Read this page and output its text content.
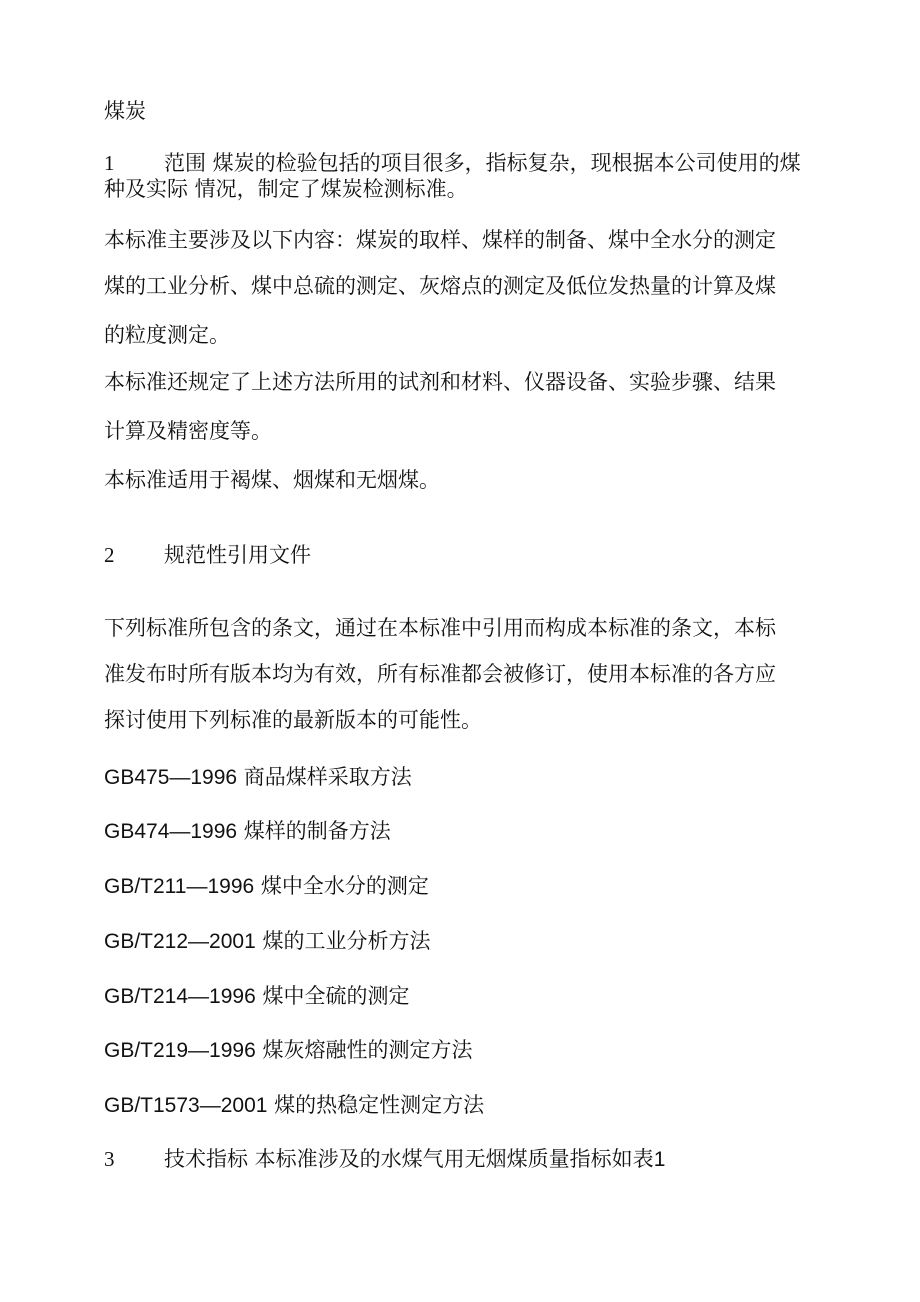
煤炭
1 范围 煤炭的检验包括的项目很多，指标复杂，现根据本公司使用的煤
种及实际 情况，制定了煤炭检测标准。
本标准主要涉及以下内容：煤炭的取样、煤样的制备、煤中全水分的测定
煤的工业分析、煤中总硫的测定、灰熔点的测定及低位发热量的计算及煤
的粒度测定。
本标准还规定了上述方法所用的试剂和材料、仪器设备、实验步骤、结果
计算及精密度等。
本标准适用于褐煤、烟煤和无烟煤。
2 规范性引用文件
下列标准所包含的条文，通过在本标准中引用而构成本标准的条文，本标
准发布时所有版本均为有效，所有标准都会被修订，使用本标准的各方应
探讨使用下列标准的最新版本的可能性。
GB475—1996 商品煤样采取方法
GB474—1996 煤样的制备方法
GB/T211—1996 煤中全水分的测定
GB/T212—2001 煤的工业分析方法
GB/T214—1996 煤中全硫的测定
GB/T219—1996 煤灰熔融性的测定方法
GB/T1573—2001 煤的热稳定性测定方法
3 技术指标 本标准涉及的水煤气用无烟煤质量指标如表1
